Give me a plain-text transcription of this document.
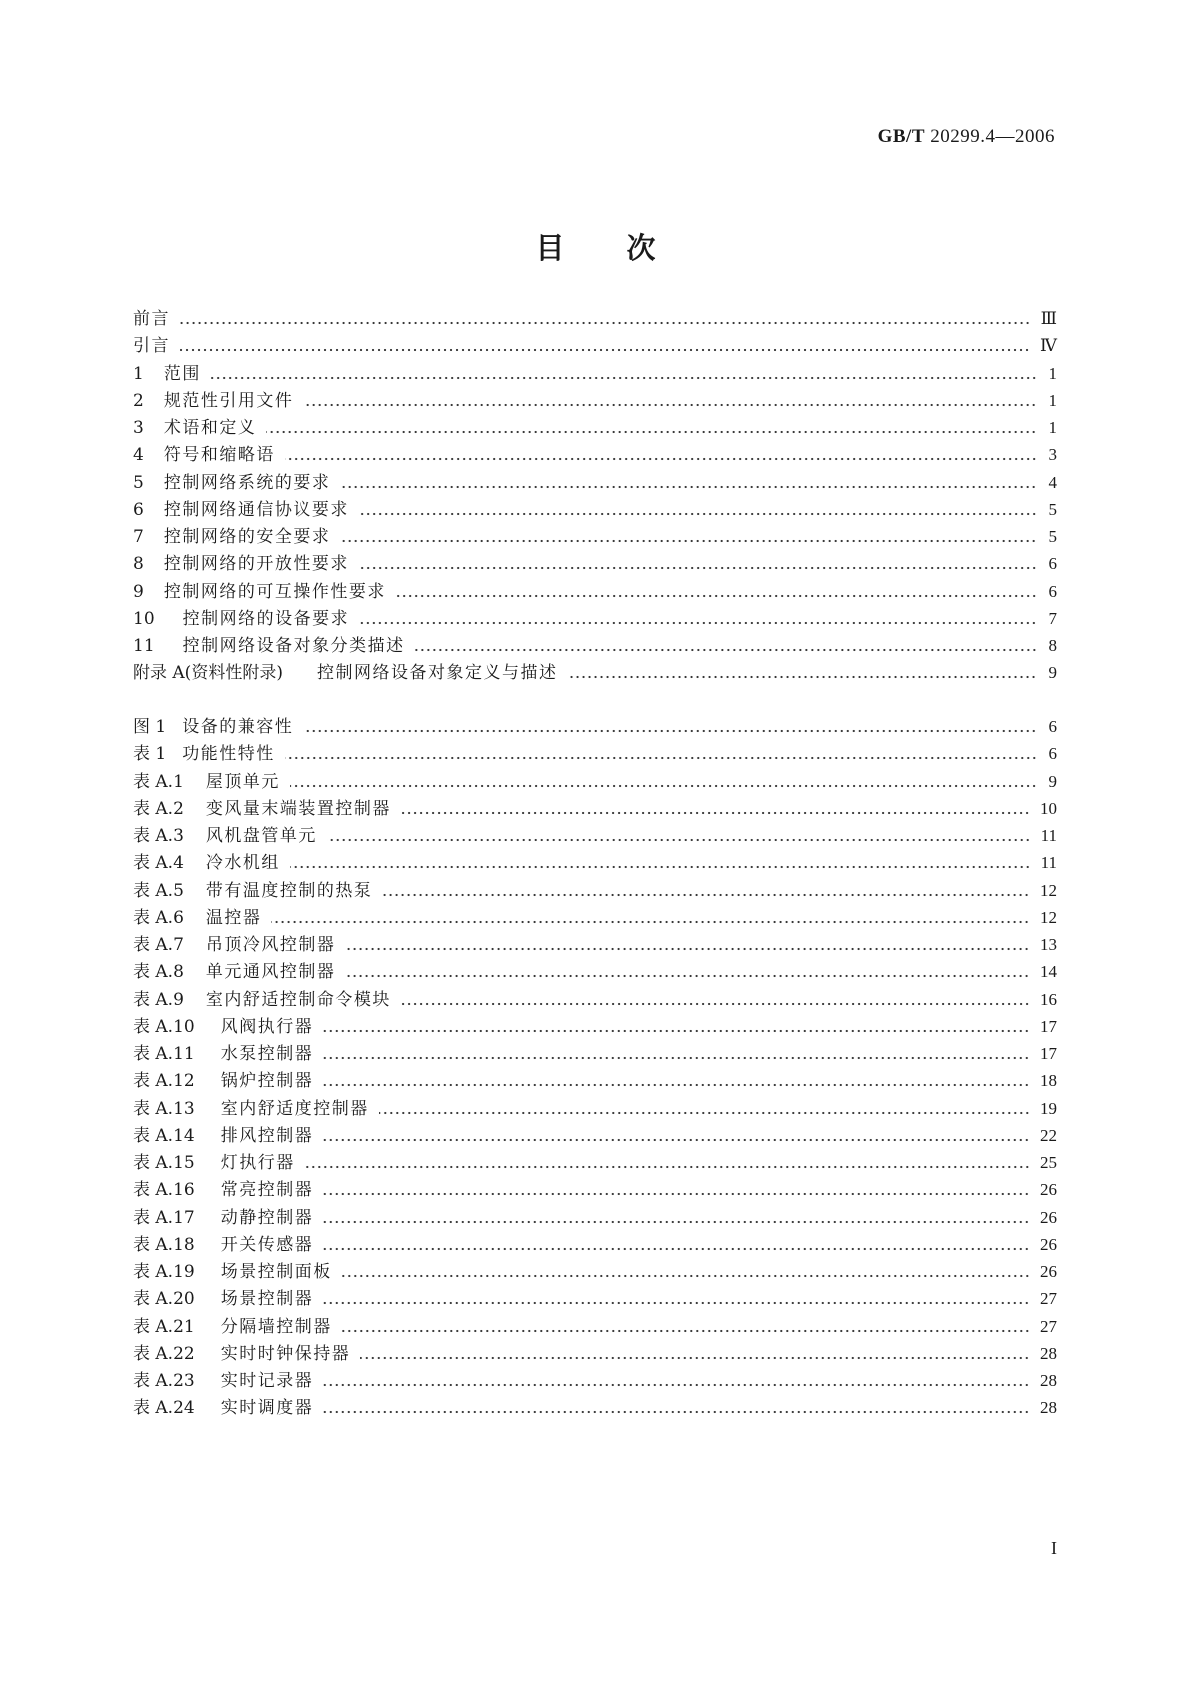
GB/T 20299.4—2006
目次
前言	Ⅲ
引言	Ⅳ
1 范围	1
2 规范性引用文件	1
3 术语和定义	1
4 符号和缩略语	3
5 控制网络系统的要求	4
6 控制网络通信协议要求	5
7 控制网络的安全要求	5
8 控制网络的开放性要求	6
9 控制网络的可互操作性要求	6
10 控制网络的设备要求	7
11 控制网络设备对象分类描述	8
附录 A(资料性附录) 控制网络设备对象定义与描述	9
图 1 设备的兼容性	6
表 1 功能性特性	6
表 A.1 屋顶单元	9
表 A.2 变风量末端装置控制器	10
表 A.3 风机盘管单元	11
表 A.4 冷水机组	11
表 A.5 带有温度控制的热泵	12
表 A.6 温控器	12
表 A.7 吊顶冷风控制器	13
表 A.8 单元通风控制器	14
表 A.9 室内舒适控制命令模块	16
表 A.10 风阀执行器	17
表 A.11 水泵控制器	17
表 A.12 锅炉控制器	18
表 A.13 室内舒适度控制器	19
表 A.14 排风控制器	22
表 A.15 灯执行器	25
表 A.16 常亮控制器	26
表 A.17 动静控制器	26
表 A.18 开关传感器	26
表 A.19 场景控制面板	26
表 A.20 场景控制器	27
表 A.21 分隔墙控制器	27
表 A.22 实时时钟保持器	28
表 A.23 实时记录器	28
表 A.24 实时调度器	28
I
